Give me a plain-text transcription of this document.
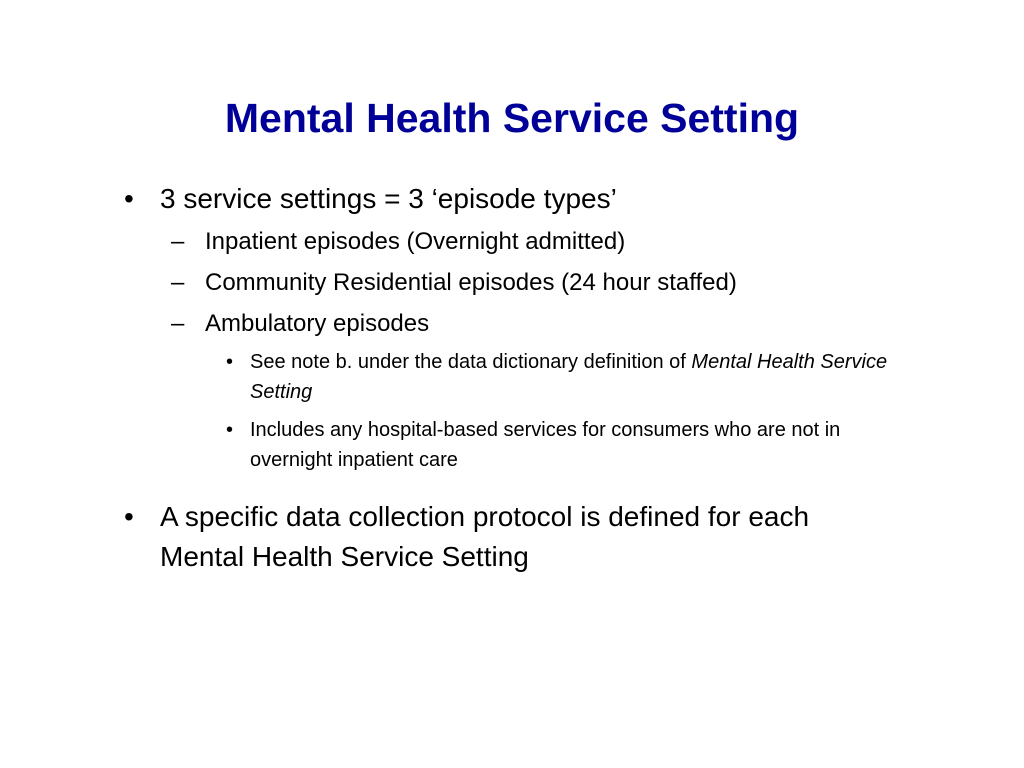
Mental Health Service Setting
• 3 service settings = 3 ‘episode types’
– Inpatient episodes (Overnight admitted)
– Community Residential episodes (24 hour staffed)
– Ambulatory episodes
• See note b. under the data dictionary definition of Mental Health Service Setting
• Includes any hospital-based services for consumers who are not in overnight inpatient care
• A specific data collection protocol is defined for each Mental Health Service Setting
